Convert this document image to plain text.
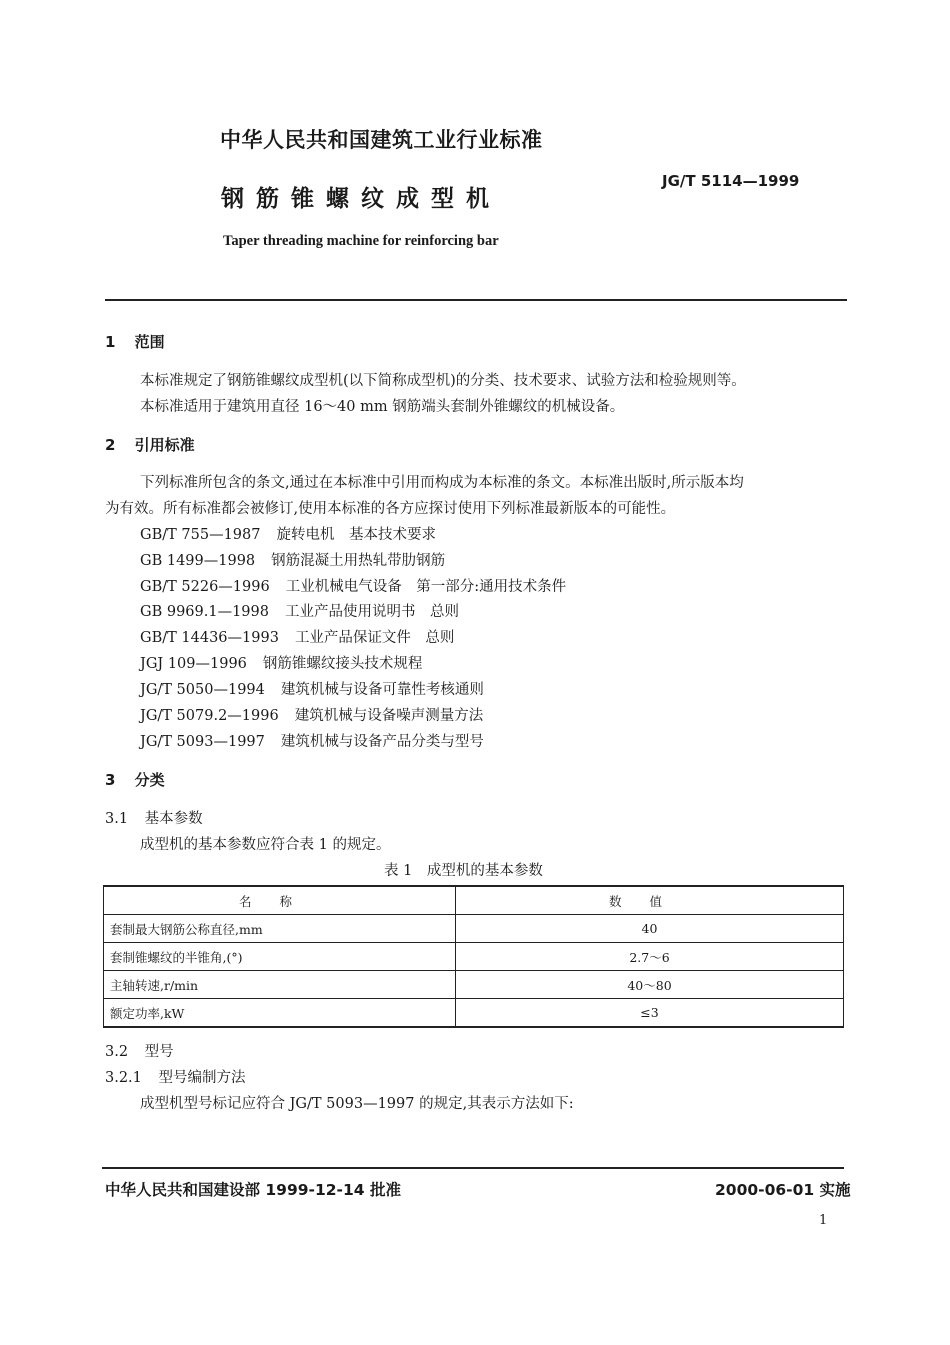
中华人民共和国建筑工业行业标准
钢筋锥螺纹成型机
JG/T 5114—1999
Taper threading machine for reinforcing bar
1 范围
本标准规定了钢筋锥螺纹成型机(以下简称成型机)的分类、技术要求、试验方法和检验规则等。
本标准适用于建筑用直径 16～40 mm 钢筋端头套制外锥螺纹的机械设备。
2 引用标准
下列标准所包含的条文,通过在本标准中引用而构成为本标准的条文。本标准出版时,所示版本均
为有效。所有标准都会被修订,使用本标准的各方应探讨使用下列标准最新版本的可能性。
GB/T 755—1987 旋转电机　基本技术要求
GB 1499—1998 钢筋混凝土用热轧带肋钢筋
GB/T 5226—1996 工业机械电气设备　第一部分:通用技术条件
GB 9969.1—1998 工业产品使用说明书　总则
GB/T 14436—1993 工业产品保证文件　总则
JGJ 109—1996 钢筋锥螺纹接头技术规程
JG/T 5050—1994 建筑机械与设备可靠性考核通则
JG/T 5079.2—1996 建筑机械与设备噪声测量方法
JG/T 5093—1997 建筑机械与设备产品分类与型号
3 分类
3.1 基本参数
成型机的基本参数应符合表 1 的规定。
表 1　成型机的基本参数
名称	数值
套制最大钢筋公称直径,mm	40
套制锥螺纹的半锥角,(°)	2.7～6
主轴转速,r/min	40～80
额定功率,kW	≤3
3.2 型号
3.2.1 型号编制方法
成型机型号标记应符合 JG/T 5093—1997 的规定,其表示方法如下:
中华人民共和国建设部 1999-12-14 批准	2000-06-01 实施
1
